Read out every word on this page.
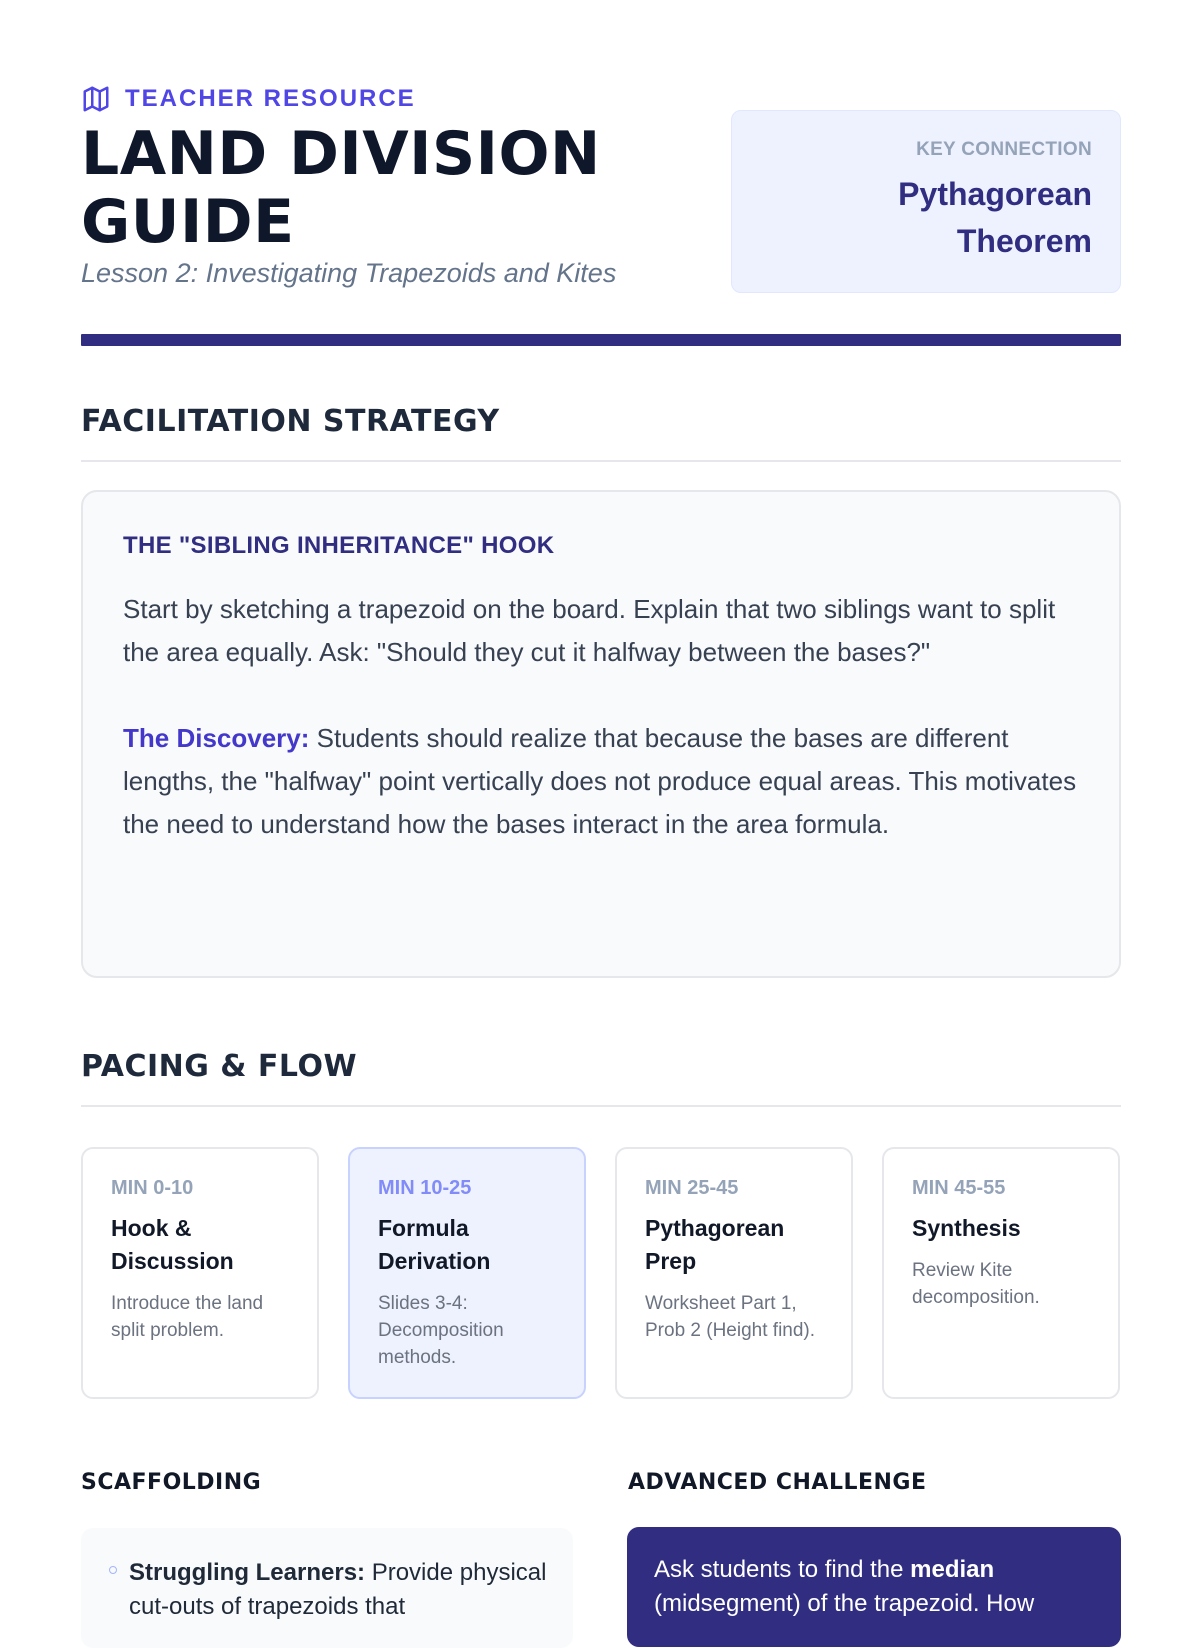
TEACHER RESOURCE
LAND DIVISION
GUIDE
Lesson 2: Investigating Trapezoids and Kites
KEY CONNECTION
Pythagorean
Theorem
FACILITATION STRATEGY
THE "SIBLING INHERITANCE" HOOK

Start by sketching a trapezoid on the board. Explain that two siblings want to split the area equally. Ask: "Should they cut it halfway between the bases?"

The Discovery: Students should realize that because the bases are different lengths, the "halfway" point vertically does not produce equal areas. This motivates the need to understand how the bases interact in the area formula.

PACING & FLOW
MIN 0-10
Hook & Discussion
Introduce the land split problem.
MIN 10-25
Formula Derivation
Slides 3-4: Decomposition methods.
MIN 25-45
Pythagorean Prep
Worksheet Part 1, Prob 2 (Height find).
MIN 45-55
Synthesis
Review Kite decomposition.
SCAFFOLDING	ADVANCED CHALLENGE
Struggling Learners: Provide physical cut-outs of trapezoids that
Ask students to find the median (midsegment) of the trapezoid. How
